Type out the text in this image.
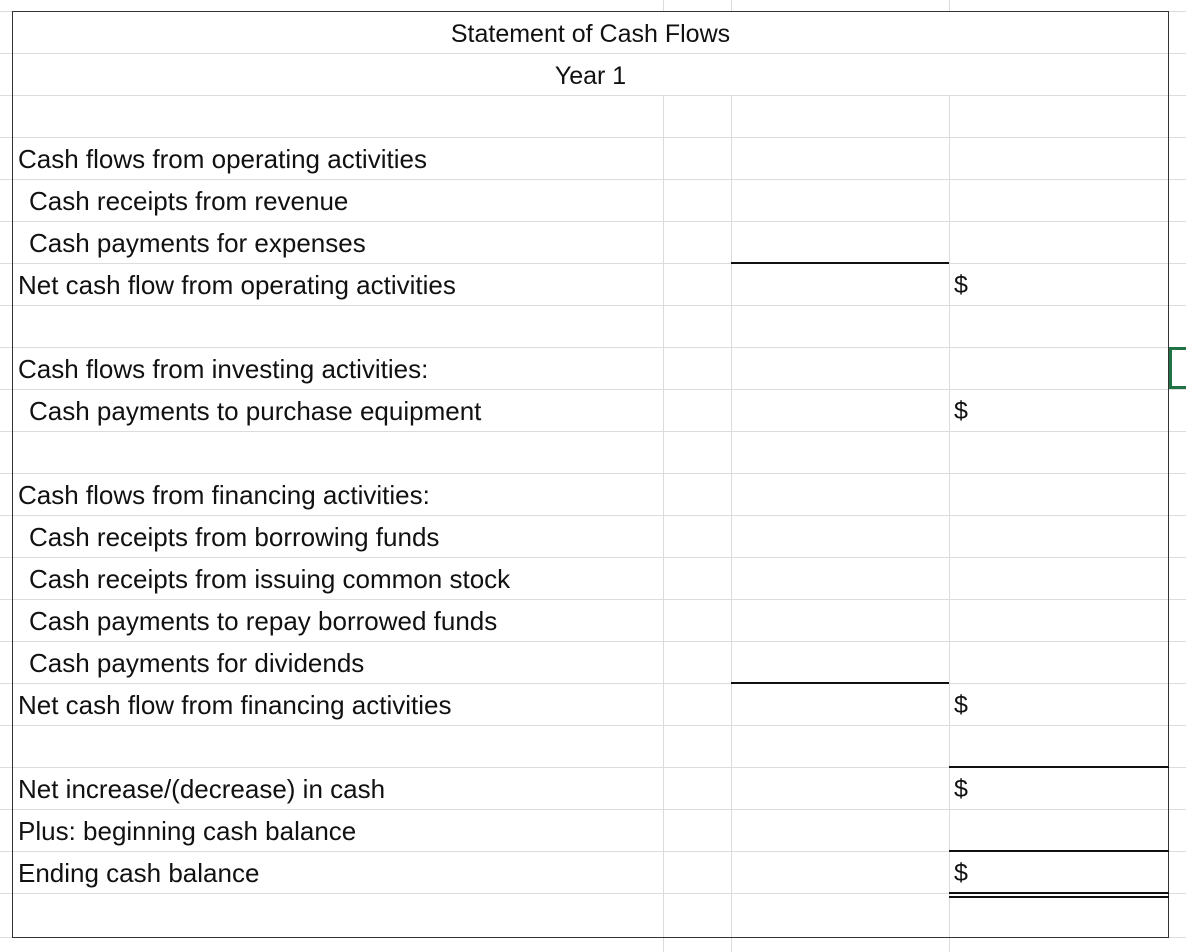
Statement of Cash Flows
Year 1
Cash flows from operating activities
Cash receipts from revenue
Cash payments for expenses
Net cash flow from operating activities	$
Cash flows from investing activities:
Cash payments to purchase equipment	$
Cash flows from financing activities:
Cash receipts from borrowing funds
Cash receipts from issuing common stock
Cash payments to repay borrowed funds
Cash payments for dividends
Net cash flow from financing activities	$
Net increase/(decrease) in cash	$
Plus: beginning cash balance
Ending cash balance	$
